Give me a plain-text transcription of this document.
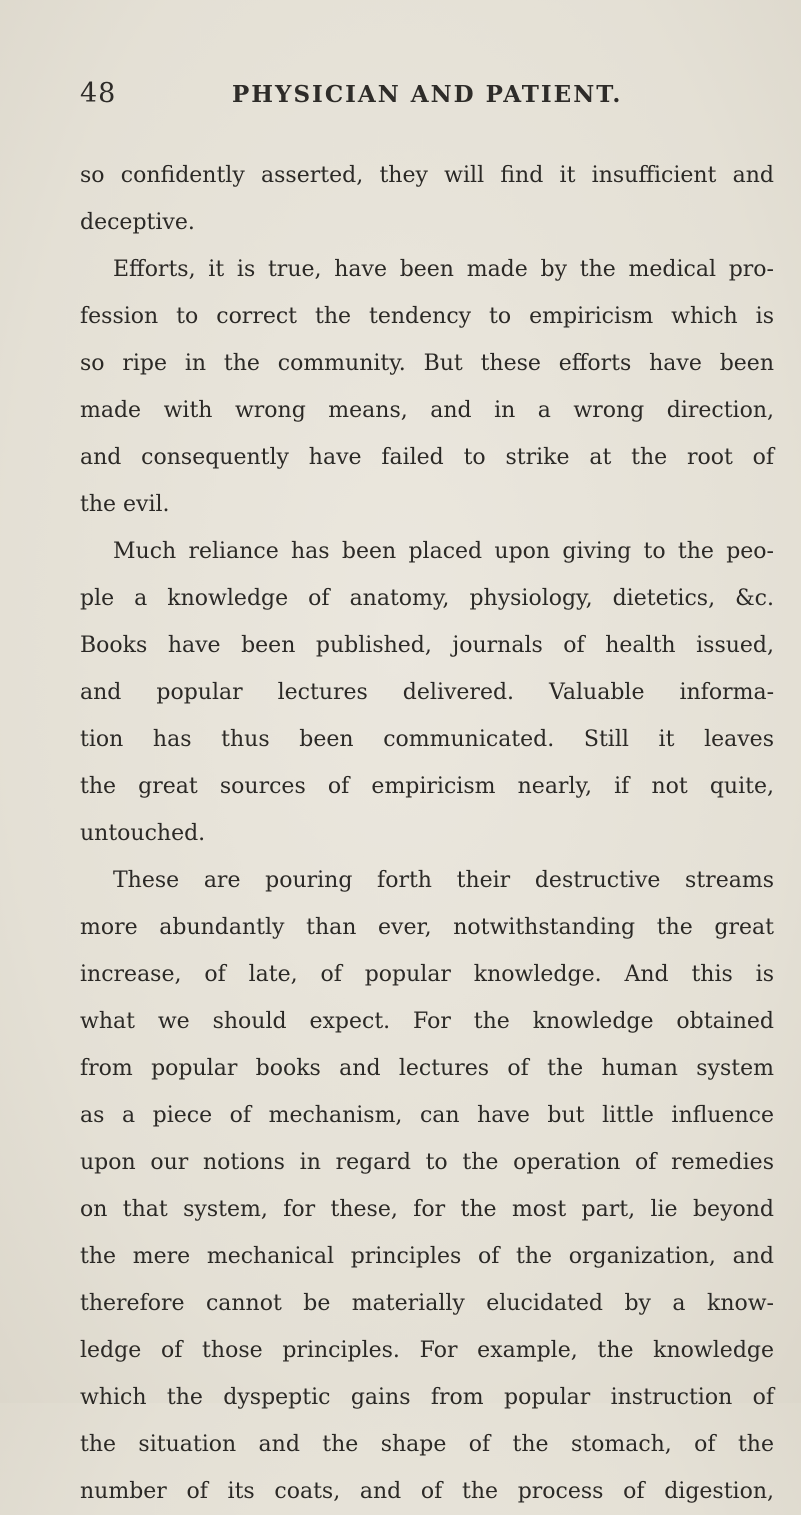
48	PHYSICIAN AND PATIENT.
so confidently asserted, they will find it insufficient and
deceptive.
Efforts, it is true, have been made by the medical pro-
fession to correct the tendency to empiricism which is
so ripe in the community. But these efforts have been
made with wrong means, and in a wrong direction,
and consequently have failed to strike at the root of
the evil.
Much reliance has been placed upon giving to the peo-
ple a knowledge of anatomy, physiology, dietetics, &c.
Books have been published, journals of health issued,
and popular lectures delivered. Valuable informa-
tion has thus been communicated. Still it leaves
the great sources of empiricism nearly, if not quite,
untouched.
These are pouring forth their destructive streams
more abundantly than ever, notwithstanding the great
increase, of late, of popular knowledge. And this is
what we should expect. For the knowledge obtained
from popular books and lectures of the human system
as a piece of mechanism, can have but little influence
upon our notions in regard to the operation of remedies
on that system, for these, for the most part, lie beyond
the mere mechanical principles of the organization, and
therefore cannot be materially elucidated by a know-
ledge of those principles. For example, the knowledge
which the dyspeptic gains from popular instruction of
the situation and the shape of the stomach, of the
number of its coats, and of the process of digestion,
